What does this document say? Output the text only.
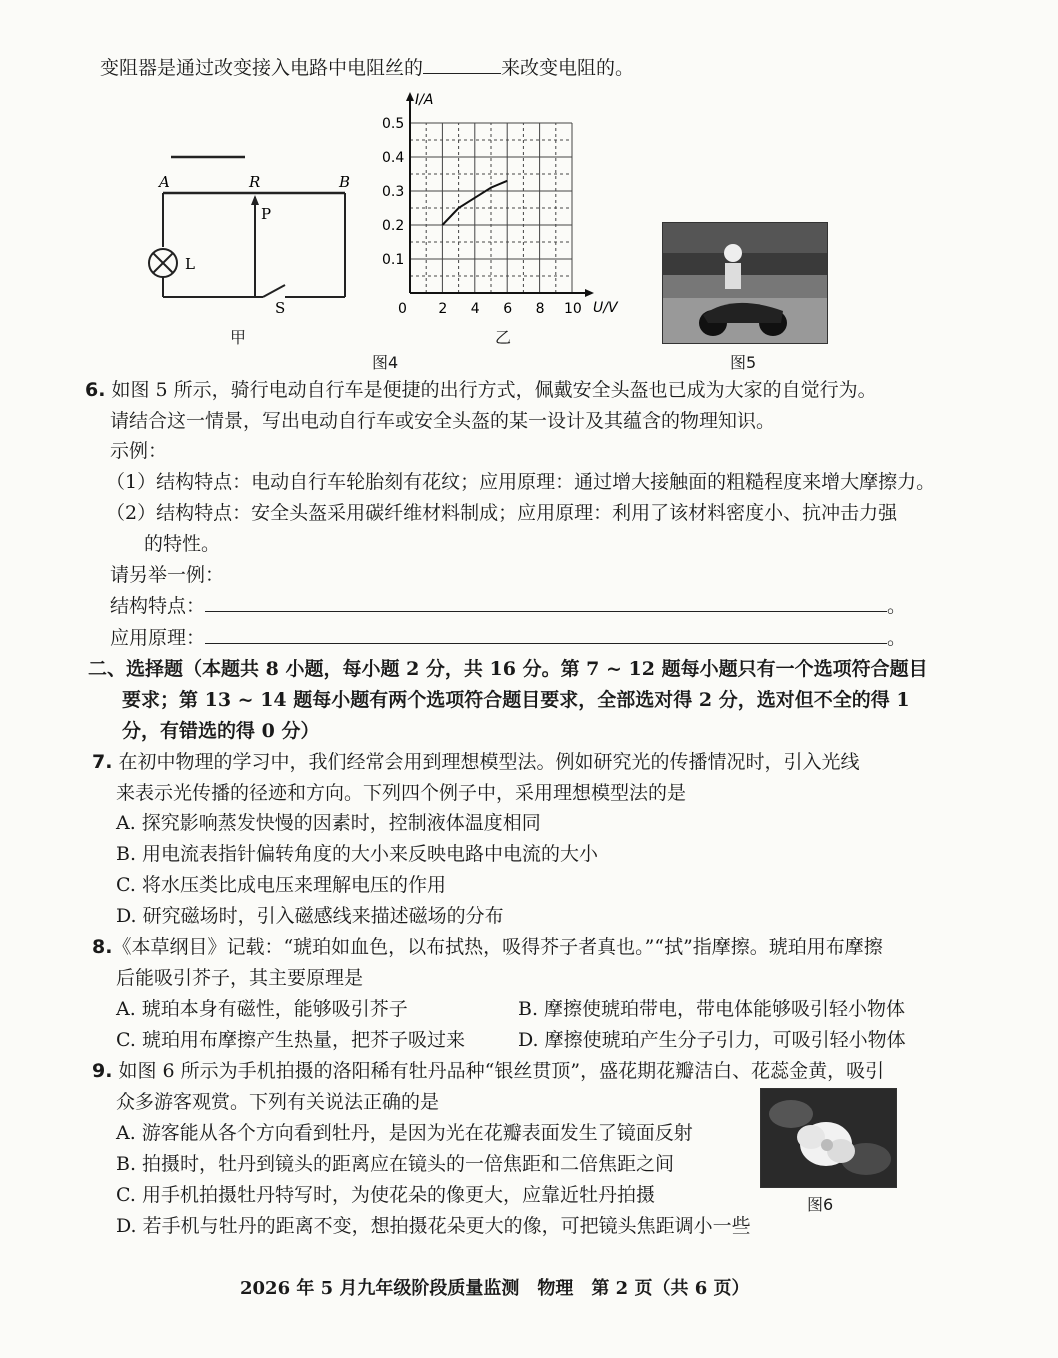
变阻器是通过改变接入电路中电阻丝的	来改变电阻的。
A	R	B
P
L
S
甲
0.5
0.4
0.3
0.2
0.1
0 2 4 6 8 10
I/A
U/V
乙
图4	图5
6. 如图 5 所示，骑行电动自行车是便捷的出行方式，佩戴安全头盔也已成为大家的自觉行为。
请结合这一情景，写出电动自行车或安全头盔的某一设计及其蕴含的物理知识。
示例：
（1）结构特点：电动自行车轮胎刻有花纹；应用原理：通过增大接触面的粗糙程度来增大摩擦力。
（2）结构特点：安全头盔采用碳纤维材料制成；应用原理：利用了该材料密度小、抗冲击力强
的特性。
请另举一例：
结构特点：	。
应用原理：	。
二、选择题（本题共 8 小题，每小题 2 分，共 16 分。第 7 ~ 12 题每小题只有一个选项符合题目
要求；第 13 ~ 14 题每小题有两个选项符合题目要求，全部选对得 2 分，选对但不全的得 1
分，有错选的得 0 分）
7. 在初中物理的学习中，我们经常会用到理想模型法。例如研究光的传播情况时，引入光线
来表示光传播的径迹和方向。下列四个例子中，采用理想模型法的是
A. 探究影响蒸发快慢的因素时，控制液体温度相同
B. 用电流表指针偏转角度的大小来反映电路中电流的大小
C. 将水压类比成电压来理解电压的作用
D. 研究磁场时，引入磁感线来描述磁场的分布
8.《本草纲目》记载：“琥珀如血色，以布拭热，吸得芥子者真也。”“拭”指摩擦。琥珀用布摩擦
后能吸引芥子，其主要原理是
A. 琥珀本身有磁性，能够吸引芥子	B. 摩擦使琥珀带电，带电体能够吸引轻小物体
C. 琥珀用布摩擦产生热量，把芥子吸过来	D. 摩擦使琥珀产生分子引力，可吸引轻小物体
9. 如图 6 所示为手机拍摄的洛阳稀有牡丹品种“银丝贯顶”，盛花期花瓣洁白、花蕊金黄，吸引
众多游客观赏。下列有关说法正确的是
A. 游客能从各个方向看到牡丹，是因为光在花瓣表面发生了镜面反射
B. 拍摄时，牡丹到镜头的距离应在镜头的一倍焦距和二倍焦距之间
C. 用手机拍摄牡丹特写时，为使花朵的像更大，应靠近牡丹拍摄
D. 若手机与牡丹的距离不变，想拍摄花朵更大的像，可把镜头焦距调小一些
图6
2026 年 5 月九年级阶段质量监测　物理　第 2 页（共 6 页）
